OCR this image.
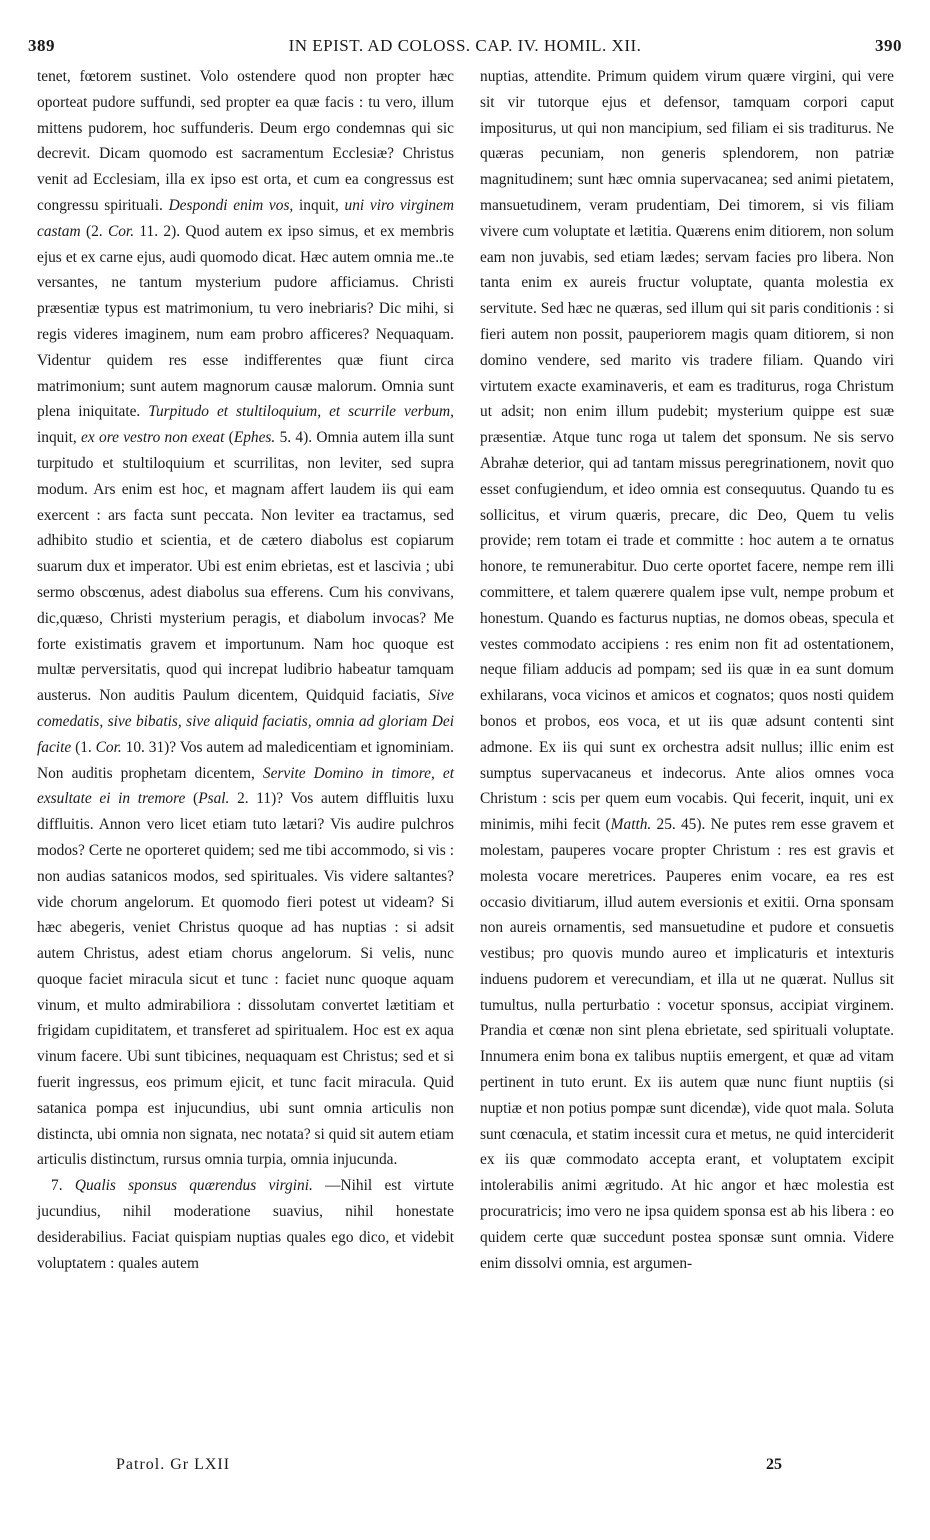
389	IN EPIST. AD COLOSS. CAP. IV. HOMIL. XII.	390

tenet, fœtorem sustinet. Volo ostendere quod non propter hæc oporteat pudore suffundi, sed propter ea quæ facis : tu vero, illum mittens pudorem, hoc suffunderis. Deum ergo condemnas qui sic decrevit. Dicam quomodo est sacramentum Ecclesiæ? Christus venit ad Ecclesiam, illa ex ipso est orta, et cum ea congressus est congressu spirituali. Despondi enim vos, inquit, uni viro virginem castam (2. Cor. 11. 2). Quod autem ex ipso simus, et ex membris ejus et ex carne ejus, audi quomodo dicat. Hæc autem omnia me..te versantes, ne tantum mysterium pudore afficiamus. Christi præsentiæ typus est matrimonium, tu vero inebriaris? Dic mihi, si regis videres imaginem, num eam probro afficeres? Nequaquam. Videntur quidem res esse indifferentes quæ fiunt circa matrimonium; sunt autem magnorum causæ malorum. Omnia sunt plena iniquitate. Turpitudo et stultiloquium, et scurrile verbum, inquit, ex ore vestro non exeat (Ephes. 5. 4). Omnia autem illa sunt turpitudo et stultiloquium et scurrilitas, non leviter, sed supra modum. Ars enim est hoc, et magnam affert laudem iis qui eam exercent : ars facta sunt peccata. Non leviter ea tractamus, sed adhibito studio et scientia, et de cætero diabolus est copiarum suarum dux et imperator. Ubi est enim ebrietas, est et lascivia ; ubi sermo obscœnus, adest diabolus sua efferens. Cum his convivans, dic,quæso, Christi mysterium peragis, et diabolum invocas? Me forte existimatis gravem et importunum. Nam hoc quoque est multæ perversitatis, quod qui increpat ludibrio habeatur tamquam austerus. Non auditis Paulum dicentem, Quidquid faciatis, Sive comedatis, sive bibatis, sive aliquid faciatis, omnia ad gloriam Dei facite (1. Cor. 10. 31)? Vos autem ad maledicentiam et ignominiam. Non auditis prophetam dicentem, Servite Domino in timore, et exsultate ei in tremore (Psal. 2. 11)? Vos autem diffluitis luxu diffluitis. Annon vero licet etiam tuto lætari? Vis audire pulchros modos? Certe ne oporteret quidem; sed me tibi accommodo, si vis : non audias satanicos modos, sed spirituales. Vis videre saltantes? vide chorum angelorum. Et quomodo fieri potest ut videam? Si hæc abegeris, veniet Christus quoque ad has nuptias : si adsit autem Christus, adest etiam chorus angelorum. Si velis, nunc quoque faciet miracula sicut et tunc : faciet nunc quoque aquam vinum, et multo admirabiliora : dissolutam convertet lætitiam et frigidam cupiditatem, et transferet ad spiritualem. Hoc est ex aqua vinum facere. Ubi sunt tibicines, nequaquam est Christus; sed et si fuerit ingressus, eos primum ejicit, et tunc facit miracula. Quid satanica pompa est injucundius, ubi sunt omnia articulis non distincta, ubi omnia non signata, nec notata? si quid sit autem etiam articulis distinctum, rursus omnia turpia, omnia injucunda.

7. Qualis sponsus quærendus virgini. —Nihil est virtute jucundius, nihil moderatione suavius, nihil honestate desiderabilius. Faciat quispiam nuptias quales ego dico, et videbit voluptatem : quales autem

nuptias, attendite. Primum quidem virum quære virgini, qui vere sit vir tutorque ejus et defensor, tamquam corpori caput impositurus, ut qui non mancipium, sed filiam ei sis traditurus. Ne quæras pecuniam, non generis splendorem, non patriæ magnitudinem; sunt hæc omnia supervacanea; sed animi pietatem, mansuetudinem, veram prudentiam, Dei timorem, si vis filiam vivere cum voluptate et lætitia. Quærens enim ditiorem, non solum eam non juvabis, sed etiam lædes; servam facies pro libera. Non tanta enim ex aureis fructur voluptate, quanta molestia ex servitute. Sed hæc ne quæras, sed illum qui sit paris conditionis : si fieri autem non possit, pauperiorem magis quam ditiorem, si non domino vendere, sed marito vis tradere filiam. Quando viri virtutem exacte examinaveris, et eam es traditurus, roga Christum ut adsit; non enim illum pudebit; mysterium quippe est suæ præsentiæ. Atque tunc roga ut talem det sponsum. Ne sis servo Abrahæ deterior, qui ad tantam missus peregrinationem, novit quo esset confugiendum, et ideo omnia est consequutus. Quando tu es sollicitus, et virum quæris, precare, dic Deo, Quem tu velis provide; rem totam ei trade et committe : hoc autem a te ornatus honore, te remunerabitur. Duo certe oportet facere, nempe rem illi committere, et talem quærere qualem ipse vult, nempe probum et honestum. Quando es facturus nuptias, ne domos obeas, specula et vestes commodato accipiens : res enim non fit ad ostentationem, neque filiam adducis ad pompam; sed iis quæ in ea sunt domum exhilarans, voca vicinos et amicos et cognatos; quos nosti quidem bonos et probos, eos voca, et ut iis quæ adsunt contenti sint admone. Ex iis qui sunt ex orchestra adsit nullus; illic enim est sumptus supervacaneus et indecorus. Ante alios omnes voca Christum : scis per quem eum vocabis. Qui fecerit, inquit, uni ex minimis, mihi fecit (Matth. 25. 45). Ne putes rem esse gravem et molestam, pauperes vocare propter Christum : res est gravis et molesta vocare meretrices. Pauperes enim vocare, ea res est occasio divitiarum, illud autem eversionis et exitii. Orna sponsam non aureis ornamentis, sed mansuetudine et pudore et consuetis vestibus; pro quovis mundo aureo et implicaturis et intexturis induens pudorem et verecundiam, et illa ut ne quærat. Nullus sit tumultus, nulla perturbatio : vocetur sponsus, accipiat virginem. Prandia et cœnæ non sint plena ebrietate, sed spirituali voluptate. Innumera enim bona ex talibus nuptiis emergent, et quæ ad vitam pertinent in tuto erunt. Ex iis autem quæ nunc fiunt nuptiis (si nuptiæ et non potius pompæ sunt dicendæ), vide quot mala. Soluta sunt cœnacula, et statim incessit cura et metus, ne quid interciderit ex iis quæ commodato accepta erant, et voluptatem excipit intolerabilis animi ægritudo. At hic angor et hæc molestia est procuratricis; imo vero ne ipsa quidem sponsa est ab his libera : eo quidem certe quæ succedunt postea sponsæ sunt omnia. Videre enim dissolvi omnia, est argumen-

Patrol. Gr LXII	25
